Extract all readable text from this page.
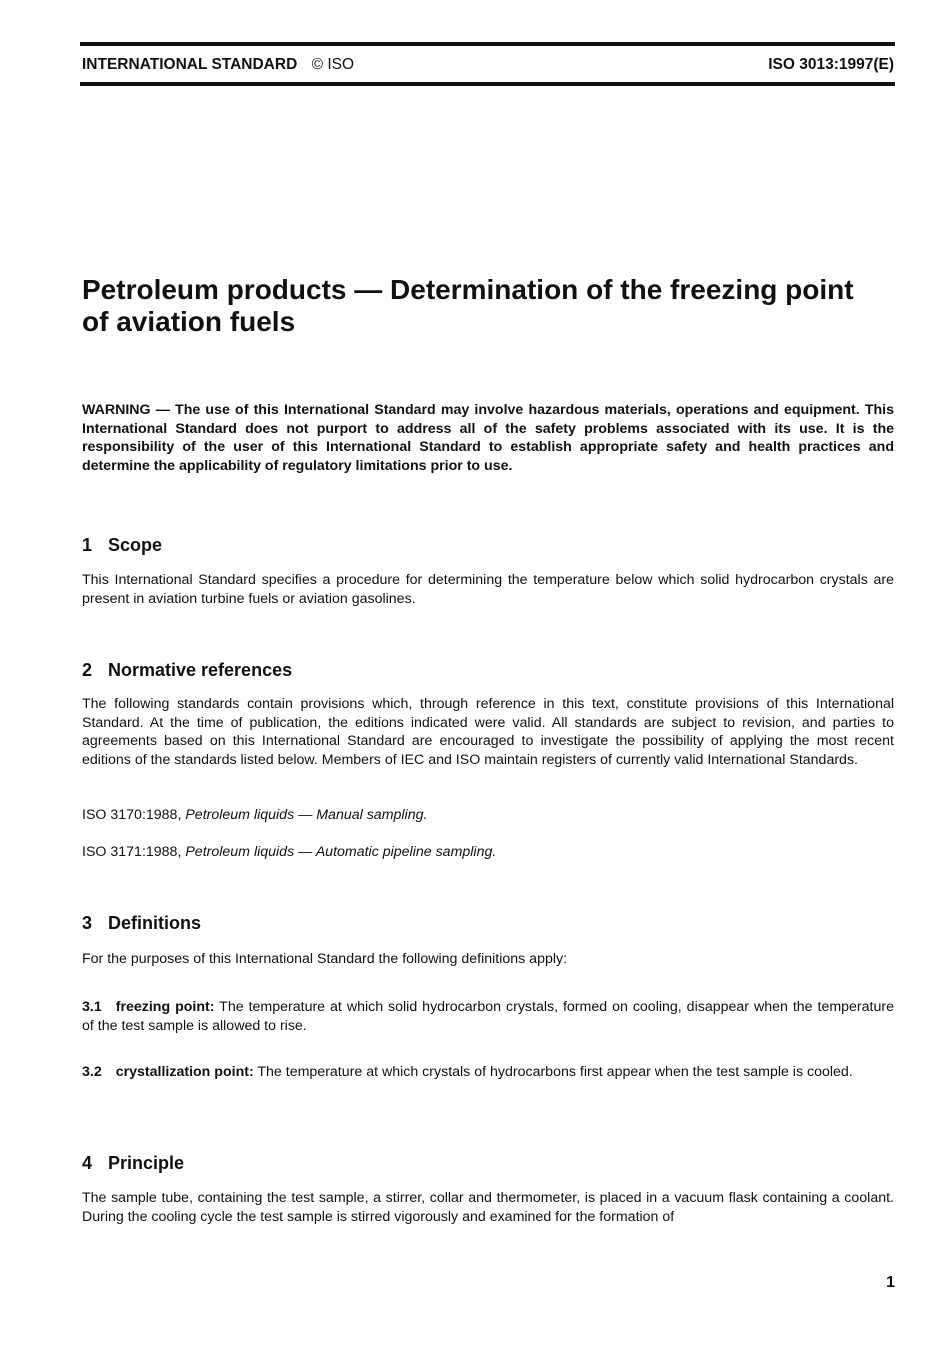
INTERNATIONAL STANDARD © ISO	ISO 3013:1997(E)
Petroleum products — Determination of the freezing point
of aviation fuels

WARNING — The use of this International Standard may involve hazardous materials, operations and equipment. This International Standard does not purport to address all of the safety problems associated with its use. It is the responsibility of the user of this International Standard to establish appropriate safety and health practices and determine the applicability of regulatory limitations prior to use.

1 Scope

This International Standard specifies a procedure for determining the temperature below which solid hydrocarbon crystals are present in aviation turbine fuels or aviation gasolines.

2 Normative references

The following standards contain provisions which, through reference in this text, constitute provisions of this International Standard. At the time of publication, the editions indicated were valid. All standards are subject to revision, and parties to agreements based on this International Standard are encouraged to investigate the possibility of applying the most recent editions of the standards listed below. Members of IEC and ISO maintain registers of currently valid International Standards.

ISO 3170:1988, Petroleum liquids — Manual sampling.

ISO 3171:1988, Petroleum liquids — Automatic pipeline sampling.

3 Definitions

For the purposes of this International Standard the following definitions apply:

3.1 freezing point: The temperature at which solid hydrocarbon crystals, formed on cooling, disappear when the temperature of the test sample is allowed to rise.

3.2 crystallization point: The temperature at which crystals of hydrocarbons first appear when the test sample is cooled.

4 Principle

The sample tube, containing the test sample, a stirrer, collar and thermometer, is placed in a vacuum flask containing a coolant. During the cooling cycle the test sample is stirred vigorously and examined for the formation of

1
